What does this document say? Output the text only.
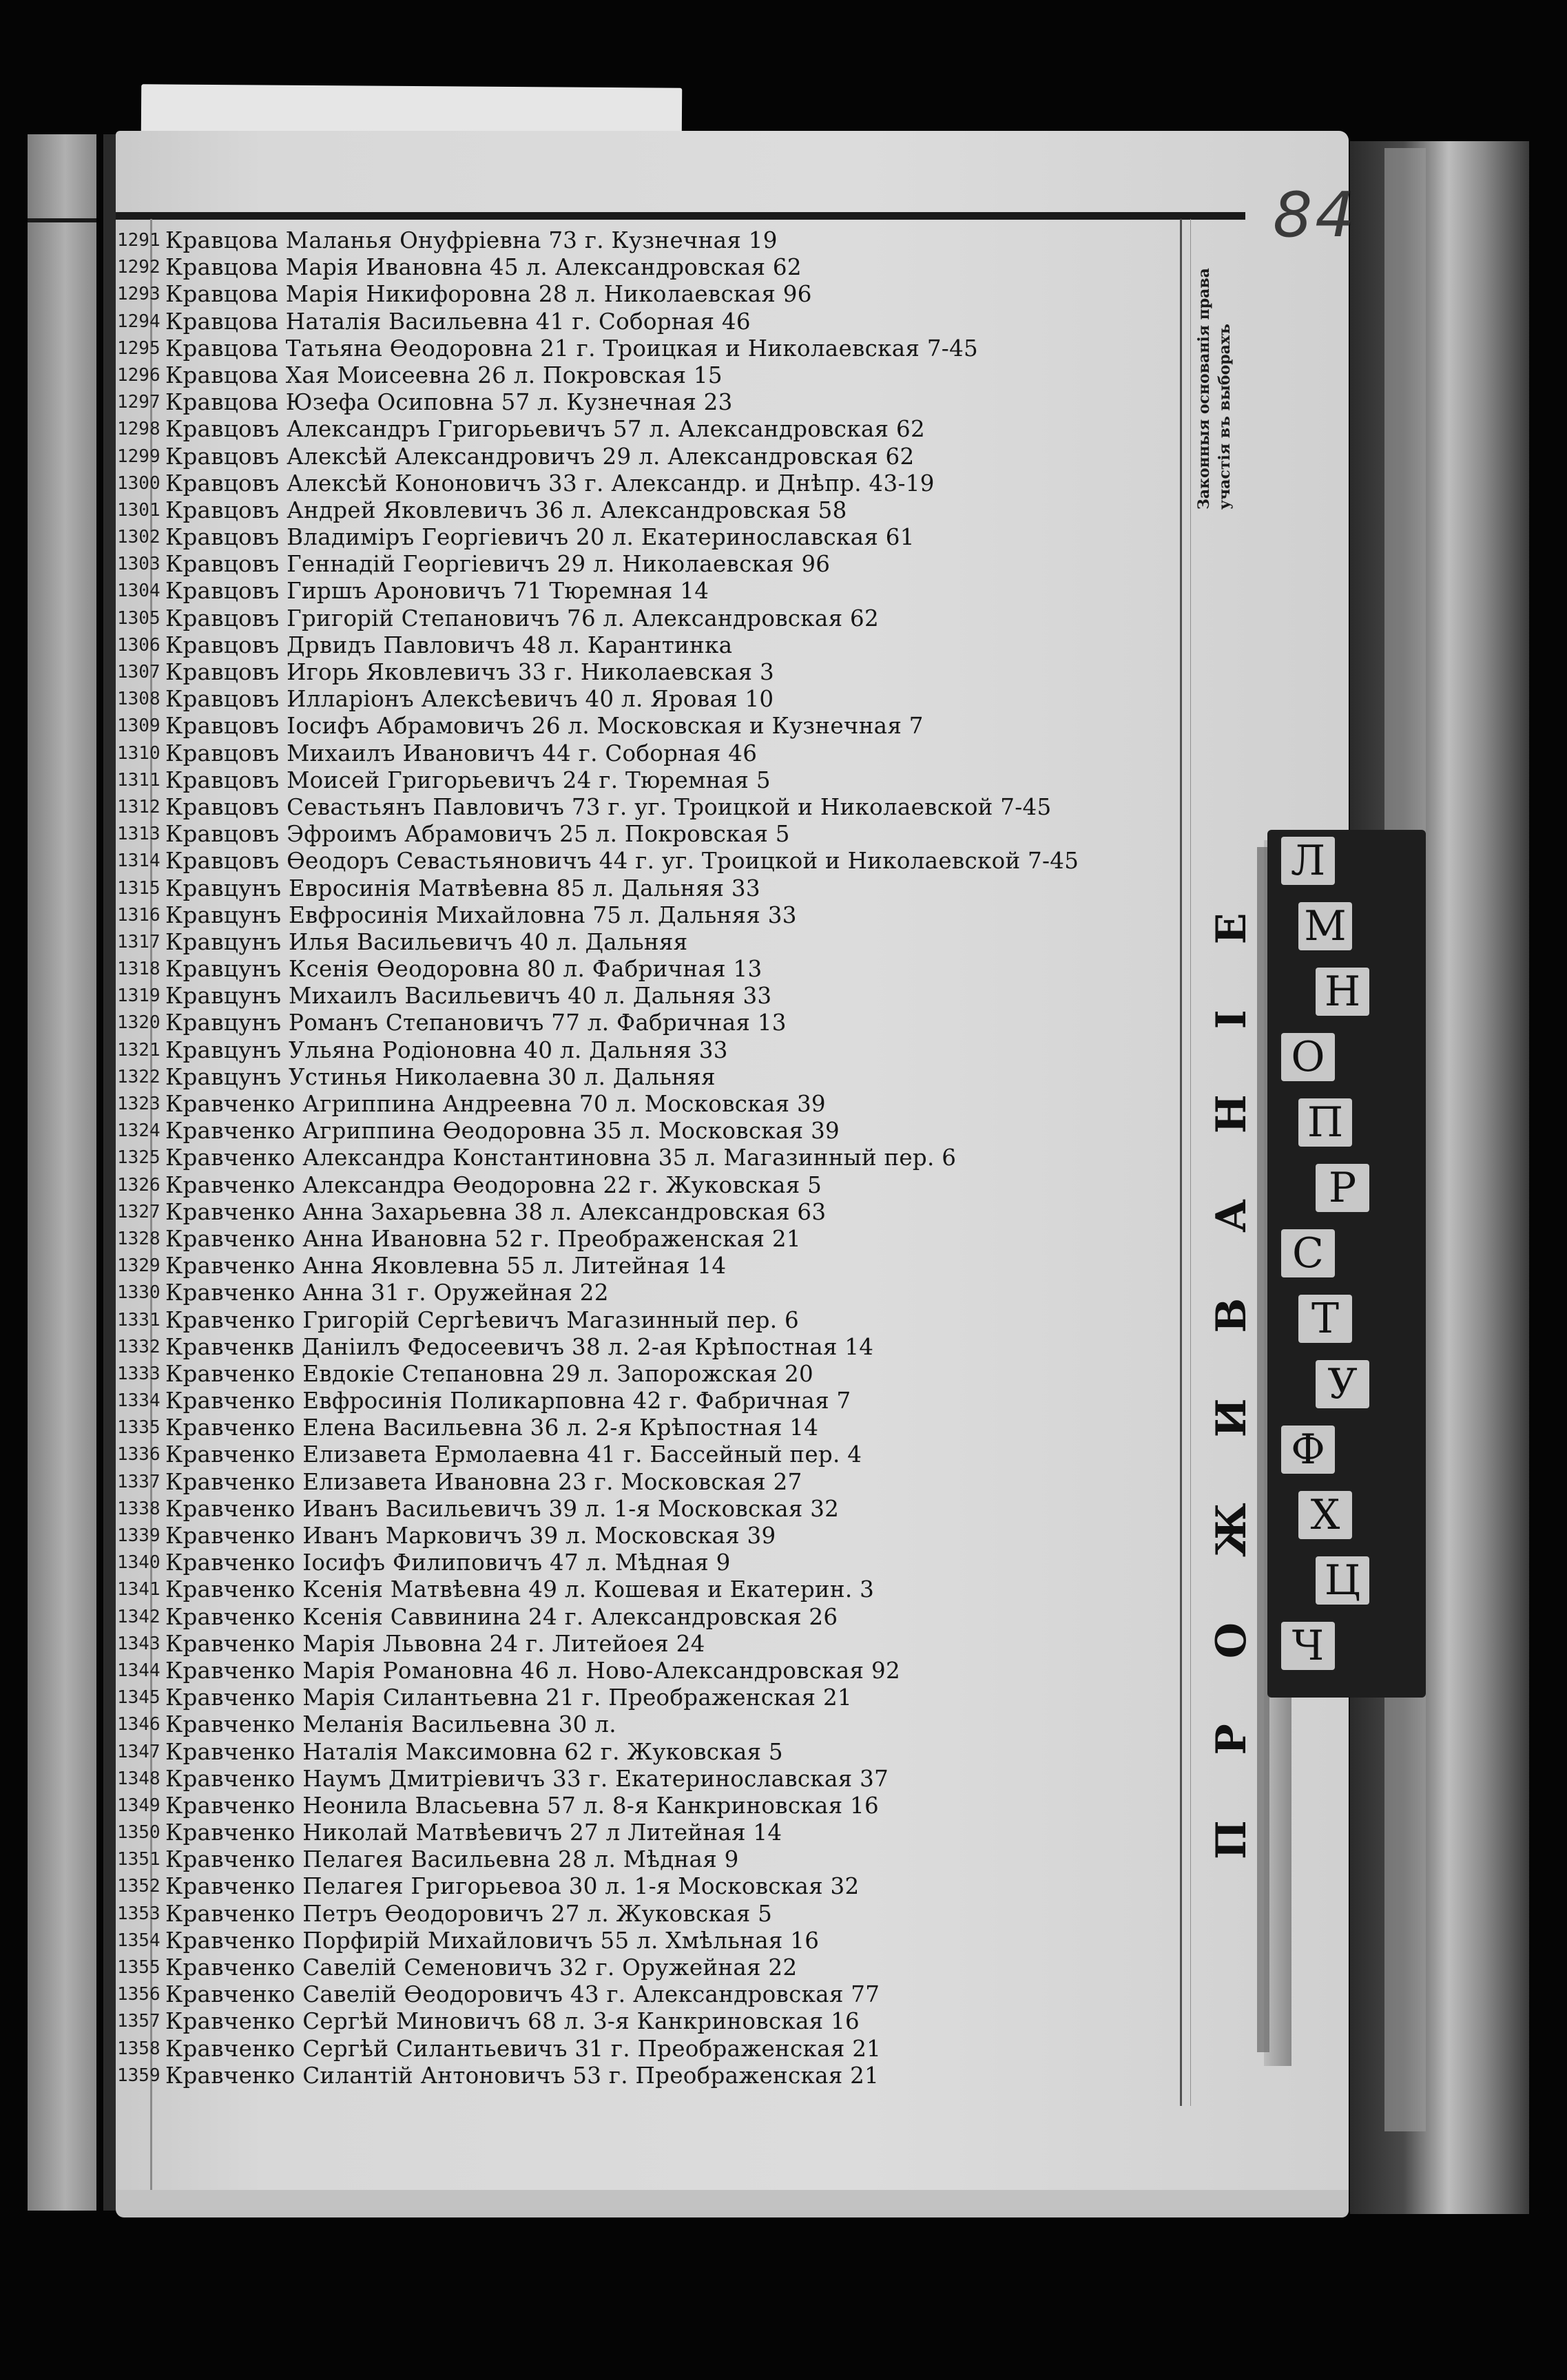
84
Законныя основанія права участія въ выборахъ
ПРОЖИВАНІЕ
1291 Кравцова Маланья Онуфріевна 73 г. Кузнечная 19
1292 Кравцова Марія Ивановна 45 л. Александровская 62
1293 Кравцова Марія Никифоровна 28 л. Николаевская 96
1294 Кравцова Наталія Васильевна 41 г. Соборная 46
1295 Кравцова Татьяна Өеодоровна 21 г. Троицкая и Николаевская 7-45
1296 Кравцова Хая Моисеевна 26 л. Покровская 15
1297 Кравцова Юзефа Осиповна 57 л. Кузнечная 23
1298 Кравцовъ Александръ Григорьевичъ 57 л. Александровская 62
1299 Кравцовъ Алексѣй Александровичъ 29 л. Александровская 62
1300 Кравцовъ Алексѣй Кононовичъ 33 г. Александр. и Днѣпр. 43-19
1301 Кравцовъ Андрей Яковлевичъ 36 л. Александровская 58
1302 Кравцовъ Владиміръ Георгіевичъ 20 л. Екатеринославская 61
1303 Кравцовъ Геннадій Георгіевичъ 29 л. Николаевская 96
1304 Кравцовъ Гиршъ Ароновичъ 71 Тюремная 14
1305 Кравцовъ Григорій Степановичъ 76 л. Александровская 62
1306 Кравцовъ Дрвидъ Павловичъ 48 л. Карантинка
1307 Кравцовъ Игорь Яковлевичъ 33 г. Николаевская 3
1308 Кравцовъ Илларіонъ Алексѣевичъ 40 л. Яровая 10
1309 Кравцовъ Іосифъ Абрамовичъ 26 л. Московская и Кузнечная 7
1310 Кравцовъ Михаилъ Ивановичъ 44 г. Соборная 46
1311 Кравцовъ Моисей Григорьевичъ 24 г. Тюремная 5
1312 Кравцовъ Севастьянъ Павловичъ 73 г. уг. Троицкой и Николаевской 7-45
1313 Кравцовъ Эфроимъ Абрамовичъ 25 л. Покровская 5
1314 Кравцовъ Өеодоръ Севастьяновичъ 44 г. уг. Троицкой и Николаевской 7-45
1315 Кравцунъ Евросинія Матвѣевна 85 л. Дальняя 33
1316 Кравцунъ Евфросинія Михайловна 75 л. Дальняя 33
1317 Кравцунъ Илья Васильевичъ 40 л. Дальняя
1318 Кравцунъ Ксенія Өеодоровна 80 л. Фабричная 13
1319 Кравцунъ Михаилъ Васильевичъ 40 л. Дальняя 33
1320 Кравцунъ Романъ Степановичъ 77 л. Фабричная 13
1321 Кравцунъ Ульяна Родіоновна 40 л. Дальняя 33
1322 Кравцунъ Устинья Николаевна 30 л. Дальняя
1323 Кравченко Агриппина Андреевна 70 л. Московская 39
1324 Кравченко Агриппина Өеодоровна 35 л. Московская 39
1325 Кравченко Александра Константиновна 35 л. Магазинный пер. 6
1326 Кравченко Александра Өеодоровна 22 г. Жуковская 5
1327 Кравченко Анна Захарьевна 38 л. Александровская 63
1328 Кравченко Анна Ивановна 52 г. Преображенская 21
1329 Кравченко Анна Яковлевна 55 л. Литейная 14
1330 Кравченко Анна 31 г. Оружейная 22
1331 Кравченко Григорій Сергѣевичъ Магазинный пер. 6
1332 Кравченкв Даніилъ Федосеевичъ 38 л. 2-ая Крѣпостная 14
1333 Кравченко Евдокіе Степановна 29 л. Запорожская 20
1334 Кравченко Евфросинія Поликарповна 42 г. Фабричная 7
1335 Кравченко Елена Васильевна 36 л. 2-я Крѣпостная 14
1336 Кравченко Елизавета Ермолаевна 41 г. Бассейный пер. 4
1337 Кравченко Елизавета Ивановна 23 г. Московская 27
1338 Кравченко Иванъ Васильевичъ 39 л. 1-я Московская 32
1339 Кравченко Иванъ Марковичъ 39 л. Московская 39
1340 Кравченко Іосифъ Филиповичъ 47 л. Мѣдная 9
1341 Кравченко Ксенія Матвѣевна 49 л. Кошевая и Екатерин. 3
1342 Кравченко Ксенія Саввинина 24 г. Александровская 26
1343 Кравченко Марія Львовна 24 г. Литейоея 24
1344 Кравченко Марія Романовна 46 л. Ново-Александровская 92
1345 Кравченко Марія Силантьевна 21 г. Преображенская 21
1346 Кравченко Меланія Васильевна 30 л.
1347 Кравченко Наталія Максимовна 62 г. Жуковская 5
1348 Кравченко Наумъ Дмитріевичъ 33 г. Екатеринославская 37
1349 Кравченко Неонила Власьевна 57 л. 8-я Канкриновская 16
1350 Кравченко Николай Матвѣевичъ 27 л Литейная 14
1351 Кравченко Пелагея Васильевна 28 л. Мѣдная 9
1352 Кравченко Пелагея Григорьевоа 30 л. 1-я Московская 32
1353 Кравченко Петръ Өеодоровичъ 27 л. Жуковская 5
1354 Кравченко Порфирій Михайловичъ 55 л. Хмѣльная 16
1355 Кравченко Савелій Семеновичъ 32 г. Оружейная 22
1356 Кравченко Савелій Өеодоровичъ 43 г. Александровская 77
1357 Кравченко Сергѣй Миновичъ 68 л. 3-я Канкриновская 16
1358 Кравченко Сергѣй Силантьевичъ 31 г. Преображенская 21
1359 Кравченко Силантій Антоновичъ 53 г. Преображенская 21
Л
М
Н
О
П
Р
С
Т
У
Ф
Х
Ц
Ч
